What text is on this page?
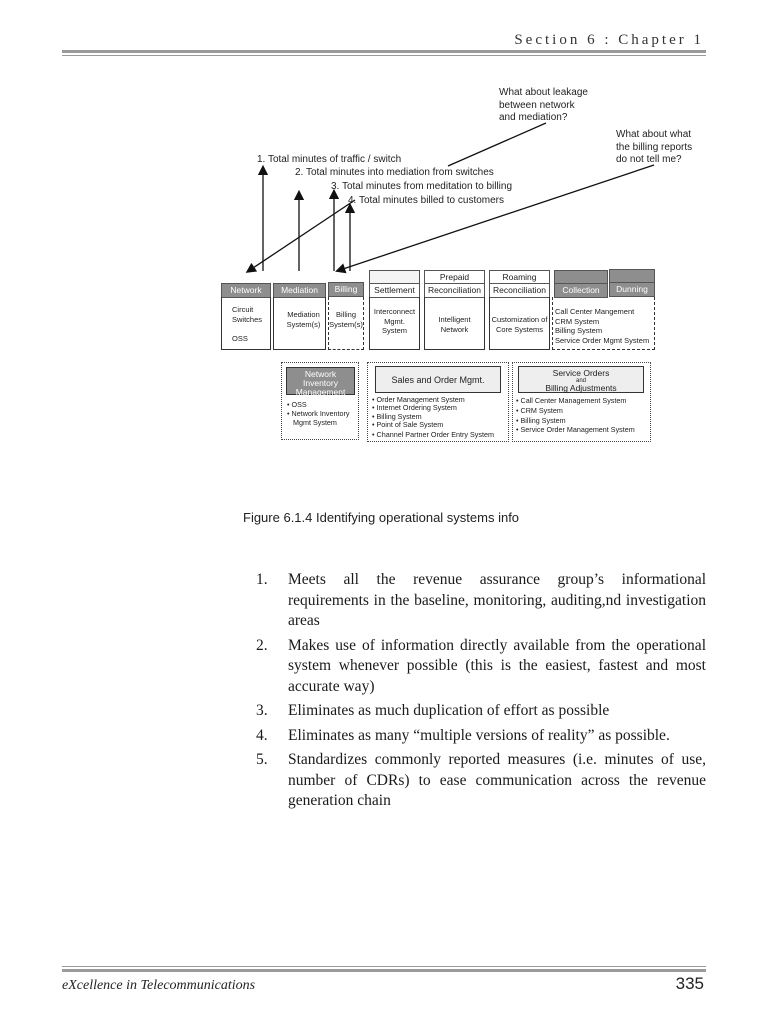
Section 6 : Chapter 1
What about leakage
between network
and mediation?
What about what
the billing reports
do not tell me?
1. Total minutes of traffic / switch
2. Total minutes into mediation from switches
3. Total minutes from meditation to billing
4. Total minutes billed to customers
Prepaid	Roaming
Network	Mediation	Billing	Settlement	Reconciliation	Reconciliation	Collection	Dunning
Circuit
Switches

OSS
Mediation
System(s)
Billing
System(s)
Interconnect
Mgmt.
System
Intelligent
Network
Customization of
Core Systems
Call Center Mangement
CRM System
Billing System
Service Order Mgmt System
Network
Inventory
Management
• OSS
• Network Inventory
Mgmt System
Sales and Order Mgmt.
• Order Management System
• Internet Ordering System
• Billing System
• Point of Sale System
• Channel Partner Order Entry System
Service Orders
and
Billing Adjustments
• Call Center Management System
• CRM System
• Billing System
• Service Order Management System
Figure 6.1.4 Identifying operational systems info
1. Meets all the revenue assurance group’s informational requirements in the baseline, monitoring, auditing,nd investigation areas
2. Makes use of information directly available from the operational system whenever possible (this is the easiest, fastest and most accurate way)
3. Eliminates as much duplication of effort as possible
4. Eliminates as many “multiple versions of reality” as possible.
5. Standardizes commonly reported measures (i.e. minutes of use, number of CDRs) to ease communication across the revenue generation chain
eXcellence in Telecommunications	335
